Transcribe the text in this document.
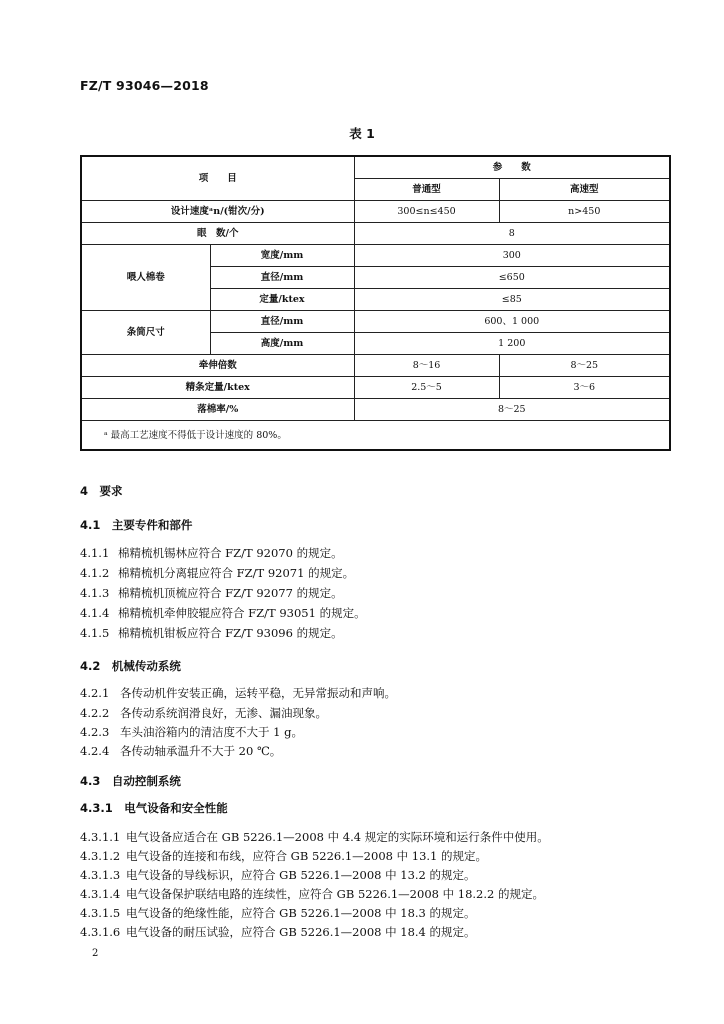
FZ/T 93046—2018
表 1
项　　目		参　　数	
		普通型	高速型
设计速度ᵃn/(钳次/分)		300≤n≤450	n>450
眼　数/个		8	
喂人棉卷	宽度/mm	300	
	直径/mm	≤650	
	定量/ktex	≤85	
条筒尺寸	直径/mm	600、1 000	
	高度/mm	1 200	
牵伸倍数		8～16	8～25
精条定量/ktex		2.5～5	3～6
落棉率/%		8～25	
ᵃ 最高工艺速度不得低于设计速度的 80%。			
4　要求
4.1　主要专件和部件
4.1.1 棉精梳机锡林应符合 FZ/T 92070 的规定。
4.1.2 棉精梳机分离辊应符合 FZ/T 92071 的规定。
4.1.3 棉精梳机顶梳应符合 FZ/T 92077 的规定。
4.1.4 棉精梳机牵伸胶辊应符合 FZ/T 93051 的规定。
4.1.5 棉精梳机钳板应符合 FZ/T 93096 的规定。
4.2　机械传动系统
4.2.1 各传动机件安装正确，运转平稳，无异常振动和声响。
4.2.2 各传动系统润滑良好，无渗、漏油现象。
4.2.3 车头油浴箱内的清洁度不大于 1 g。
4.2.4 各传动轴承温升不大于 20 ℃。
4.3　自动控制系统
4.3.1　电气设备和安全性能
4.3.1.1 电气设备应适合在 GB 5226.1—2008 中 4.4 规定的实际环境和运行条件中使用。
4.3.1.2 电气设备的连接和布线，应符合 GB 5226.1—2008 中 13.1 的规定。
4.3.1.3 电气设备的导线标识，应符合 GB 5226.1—2008 中 13.2 的规定。
4.3.1.4 电气设备保护联结电路的连续性，应符合 GB 5226.1—2008 中 18.2.2 的规定。
4.3.1.5 电气设备的绝缘性能，应符合 GB 5226.1—2008 中 18.3 的规定。
4.3.1.6 电气设备的耐压试验，应符合 GB 5226.1—2008 中 18.4 的规定。
2
